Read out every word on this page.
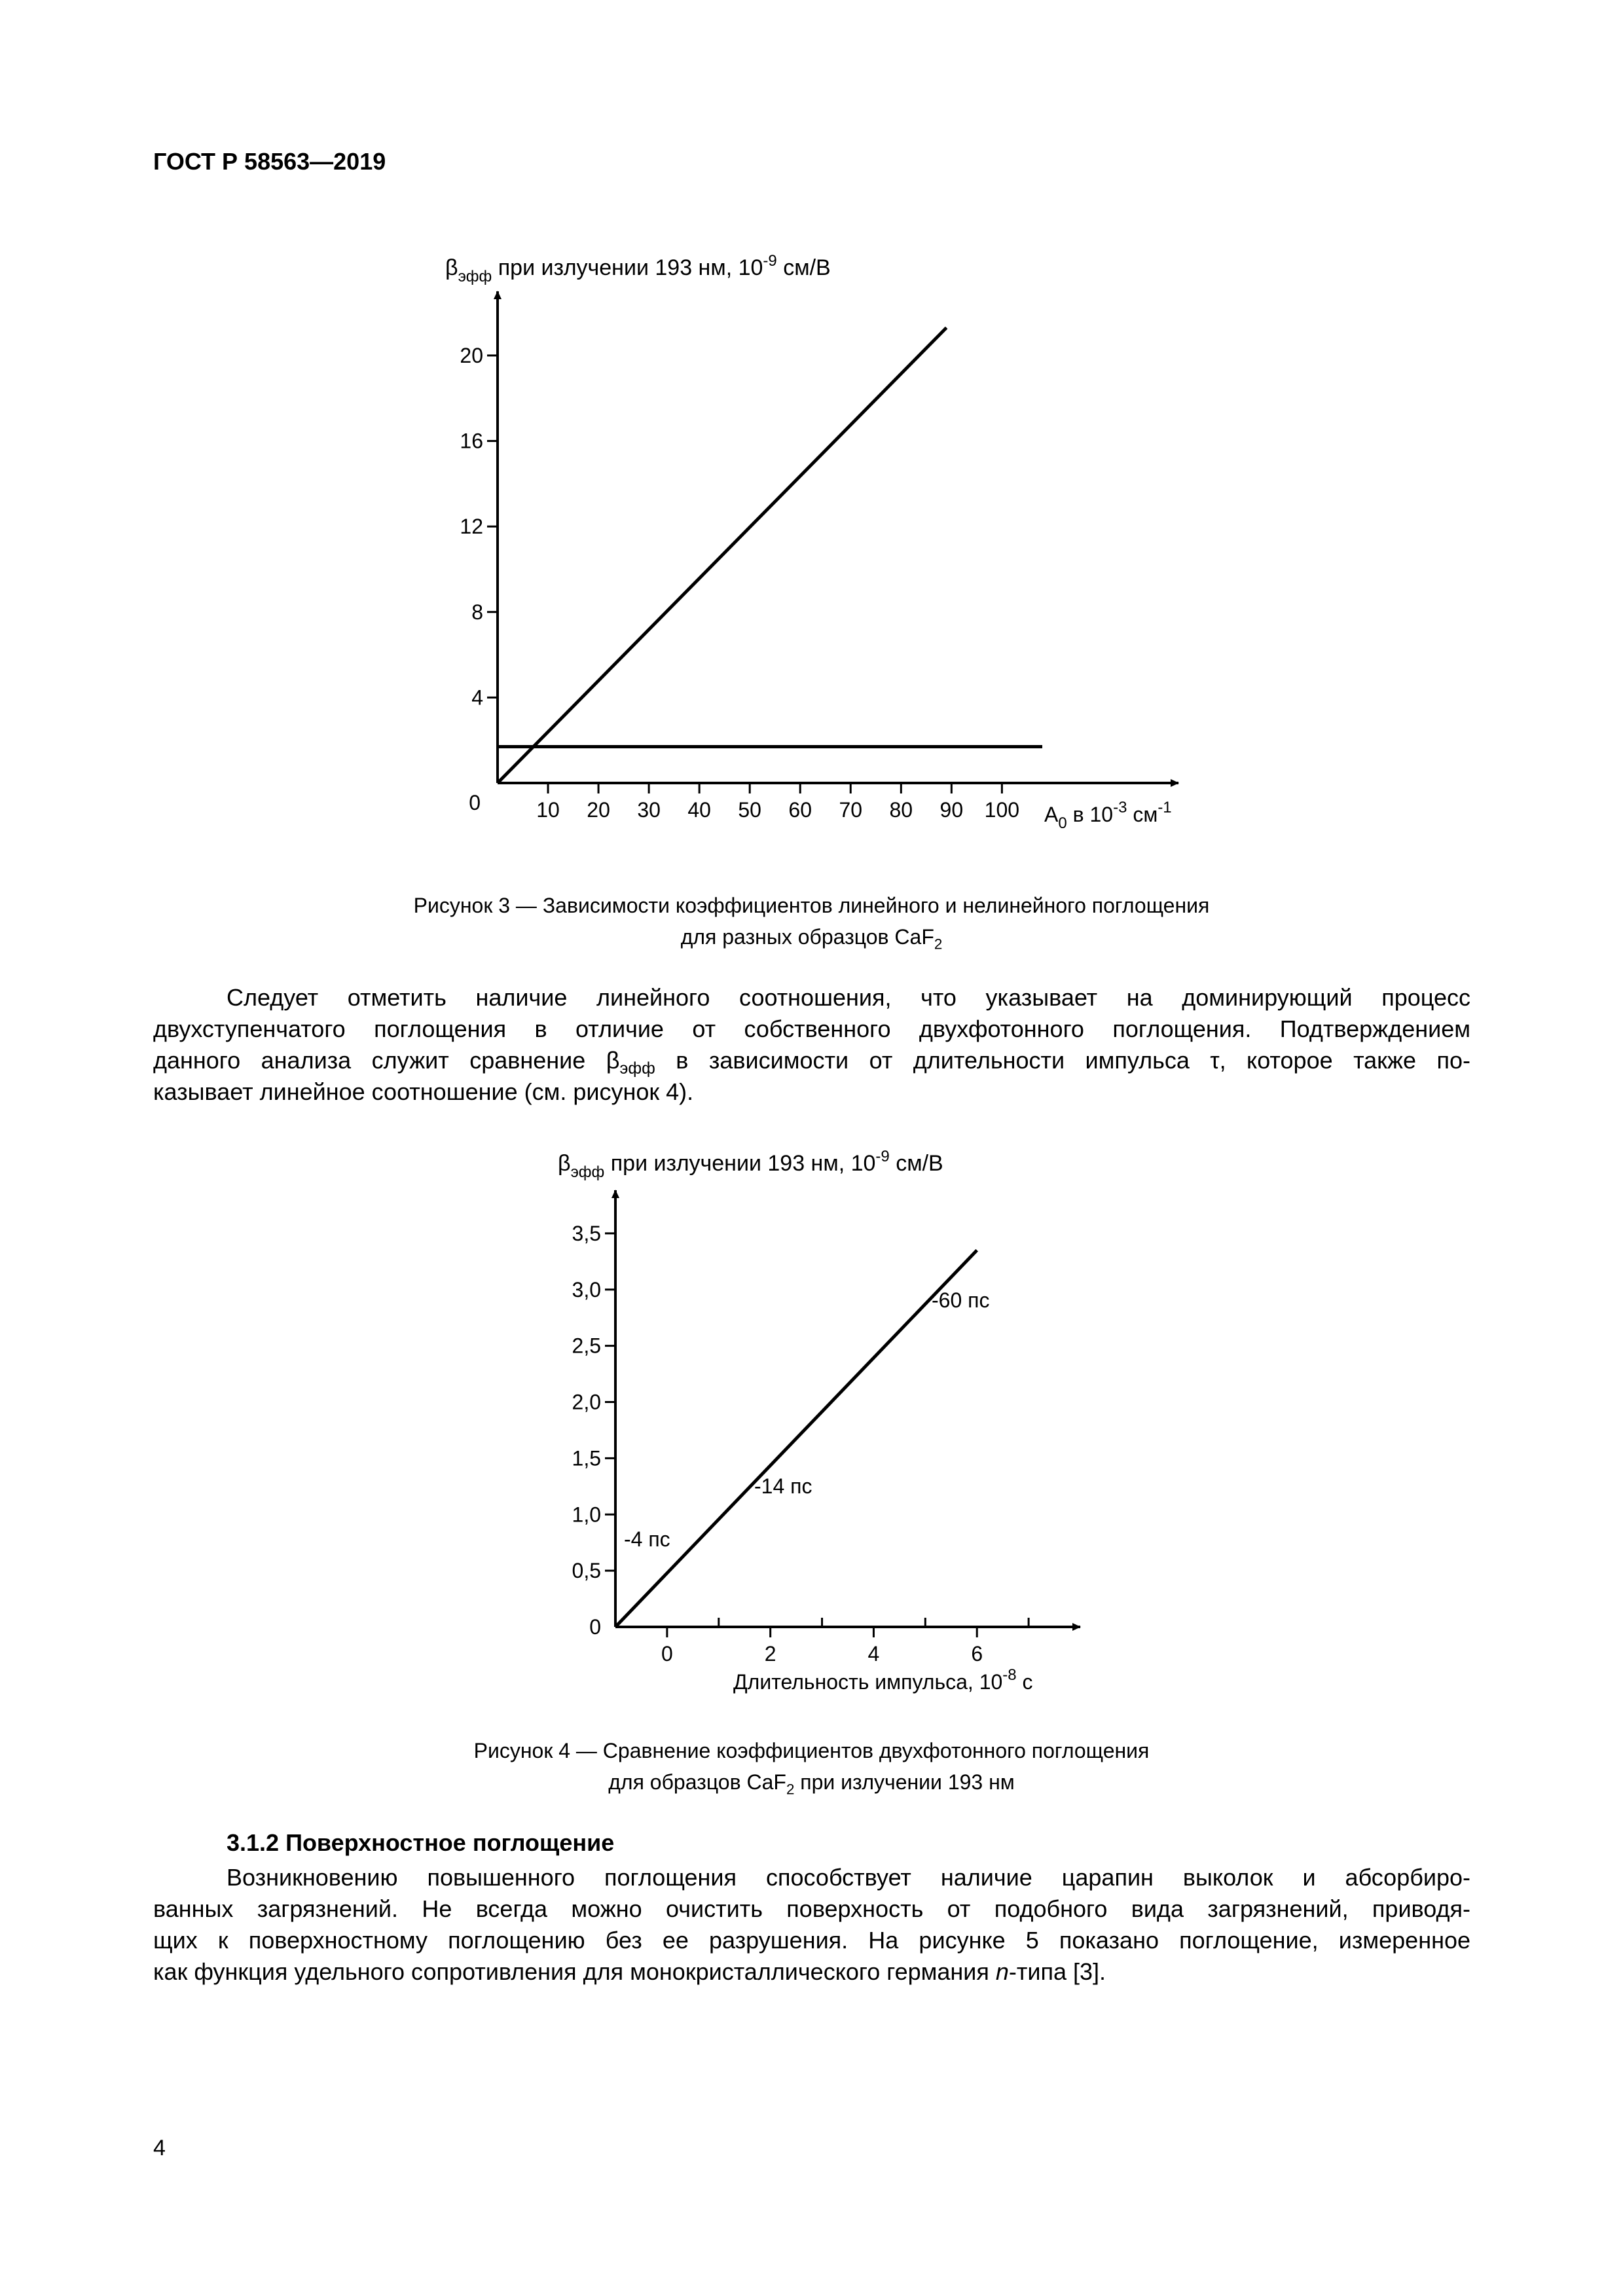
ГОСТ Р 58563—2019
$\beta_{эфф}$ при излучении 193 нм, $10^{-9}$ см/В
0
4
8
12
16
20
10 20 30 40 50 60 70 80 90 100 $A_0$ в $10^{-3}$ $см^{-1}$
Рисунок 3 — Зависимости коэффициентов линейного и нелинейного поглощения
для разных образцов CaF$_2$
Следует отметить наличие линейного соотношения, что указывает на доминирующий процесс
двухступенчатого поглощения в отличие от собственного двухфотонного поглощения. Подтверждением
данного анализа служит сравнение $\beta_{эфф}$ в зависимости от длительности импульса τ, которое также по-
казывает линейное соотношение (см. рисунок 4).
$\beta_{эфф}$ при излучении 193 нм, $10^{-9}$ см/В
0
0,5
1,0
1,5
2,0
2,5
3,0
3,5
0	2	4	6
-4 пс
-14 пс
-60 пс
Длительность импульса, $10^{-8}$ с
Рисунок 4 — Сравнение коэффициентов двухфотонного поглощения
для образцов CaF$_2$ при излучении 193 нм
3.1.2 Поверхностное поглощение
Возникновению повышенного поглощения способствует наличие царапин выколок и абсорбиро-
ванных загрязнений. Не всегда можно очистить поверхность от подобного вида загрязнений, приводя-
щих к поверхностному поглощению без ее разрушения. На рисунке 5 показано поглощение, измеренное
как функция удельного сопротивления для монокристаллического германия n-типа [3].
4
